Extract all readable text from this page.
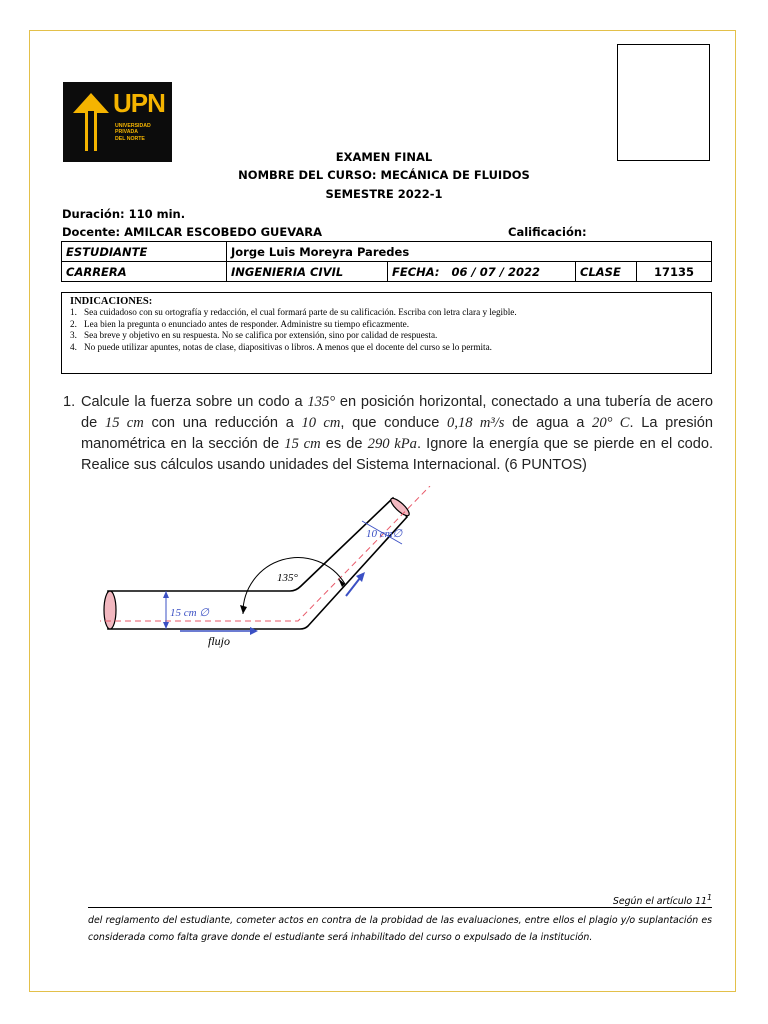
UPN
UNIVERSIDAD
PRIVADA
DEL NORTE
EXAMEN FINAL
NOMBRE DEL CURSO: MECÁNICA DE FLUIDOS
SEMESTRE 2022-1
Duración: 110 min.
Docente: AMILCAR ESCOBEDO GUEVARA	Calificación:
ESTUDIANTE	Jorge Luis Moreyra Paredes			
CARRERA	INGENIERIA CIVIL	FECHA: 06 / 07 / 2022	CLASE	17135
INDICACIONES:
1. Sea cuidadoso con su ortografía y redacción, el cual formará parte de su calificación. Escriba con letra clara y legible.
2. Lea bien la pregunta o enunciado antes de responder. Administre su tiempo eficazmente.
3. Sea breve y objetivo en su respuesta. No se califica por extensión, sino por calidad de respuesta.
4. No puede utilizar apuntes, notas de clase, diapositivas o libros. A menos que el docente del curso se lo permita.
1. Calcule la fuerza sobre un codo a 135° en posición horizontal, conectado a una tubería de acero de 15 cm con una reducción a 10 cm, que conduce 0,18 m³/s de agua a 20° C. La presión manométrica en la sección de 15 cm es de 290 kPa. Ignore la energía que se pierde en el codo. Realice sus cálculos usando unidades del Sistema Internacional. (6 PUNTOS)
135°
15 cm ∅
10 cm∅
flujo
Según el artículo $11^1$
del reglamento del estudiante, cometer actos en contra de la probidad de las evaluaciones, entre ellos el plagio y/o suplantación es considerada como falta grave donde el estudiante será inhabilitado del curso o expulsado de la institución.
